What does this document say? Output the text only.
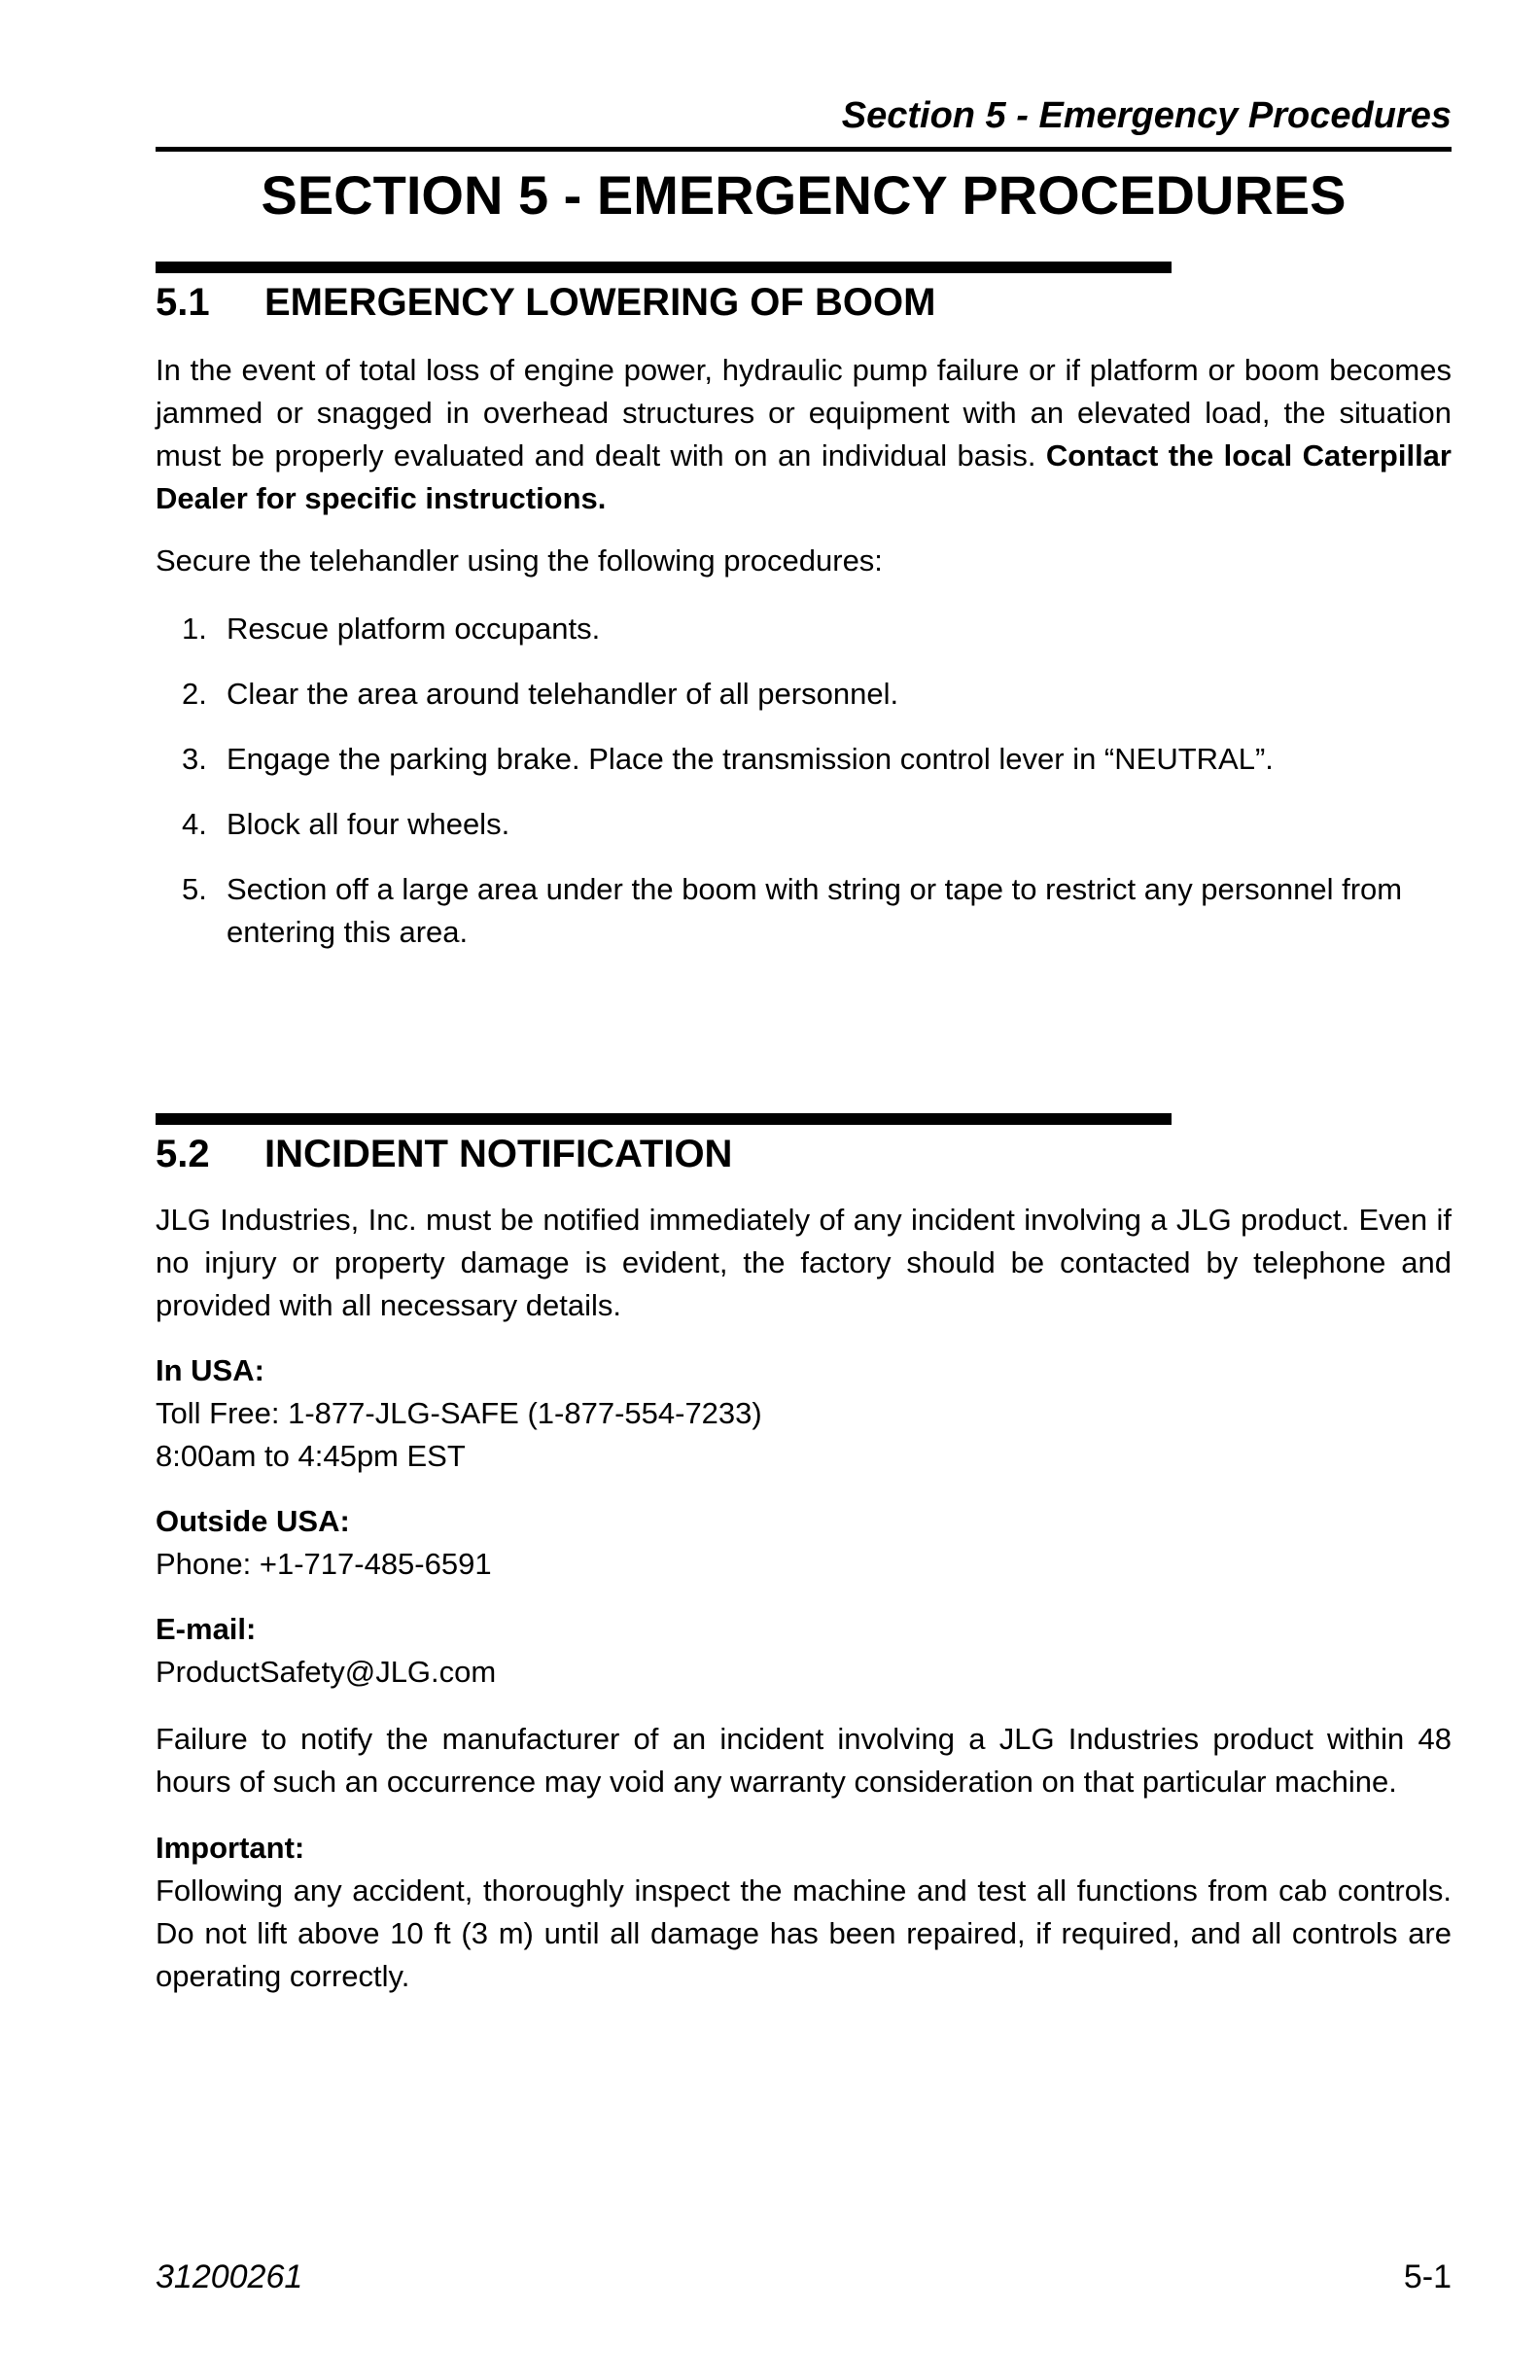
Section 5 - Emergency Procedures
SECTION 5 - EMERGENCY PROCEDURES
5.1	EMERGENCY LOWERING OF BOOM

In the event of total loss of engine power, hydraulic pump failure or if platform or boom becomes jammed or snagged in overhead structures or equipment with an elevated load, the situation must be properly evaluated and dealt with on an individual basis. Contact the local Caterpillar Dealer for specific instructions.

Secure the telehandler using the following procedures:

1. Rescue platform occupants.
2. Clear the area around telehandler of all personnel.
3. Engage the parking brake. Place the transmission control lever in “NEUTRAL”.
4. Block all four wheels.
5. Section off a large area under the boom with string or tape to restrict any personnel from entering this area.
5.2	INCIDENT NOTIFICATION

JLG Industries, Inc. must be notified immediately of any incident involving a JLG product. Even if no injury or property damage is evident, the factory should be contacted by telephone and provided with all necessary details.

In USA:

Toll Free: 1-877-JLG-SAFE (1-877-554-7233)

8:00am to 4:45pm EST

Outside USA:

Phone: +1-717-485-6591

E-mail:

ProductSafety@JLG.com

Failure to notify the manufacturer of an incident involving a JLG Industries product within 48 hours of such an occurrence may void any warranty consideration on that particular machine.

Important:

Following any accident, thoroughly inspect the machine and test all functions from cab controls. Do not lift above 10 ft (3 m) until all damage has been repaired, if required, and all controls are operating correctly.

31200261	5-1
